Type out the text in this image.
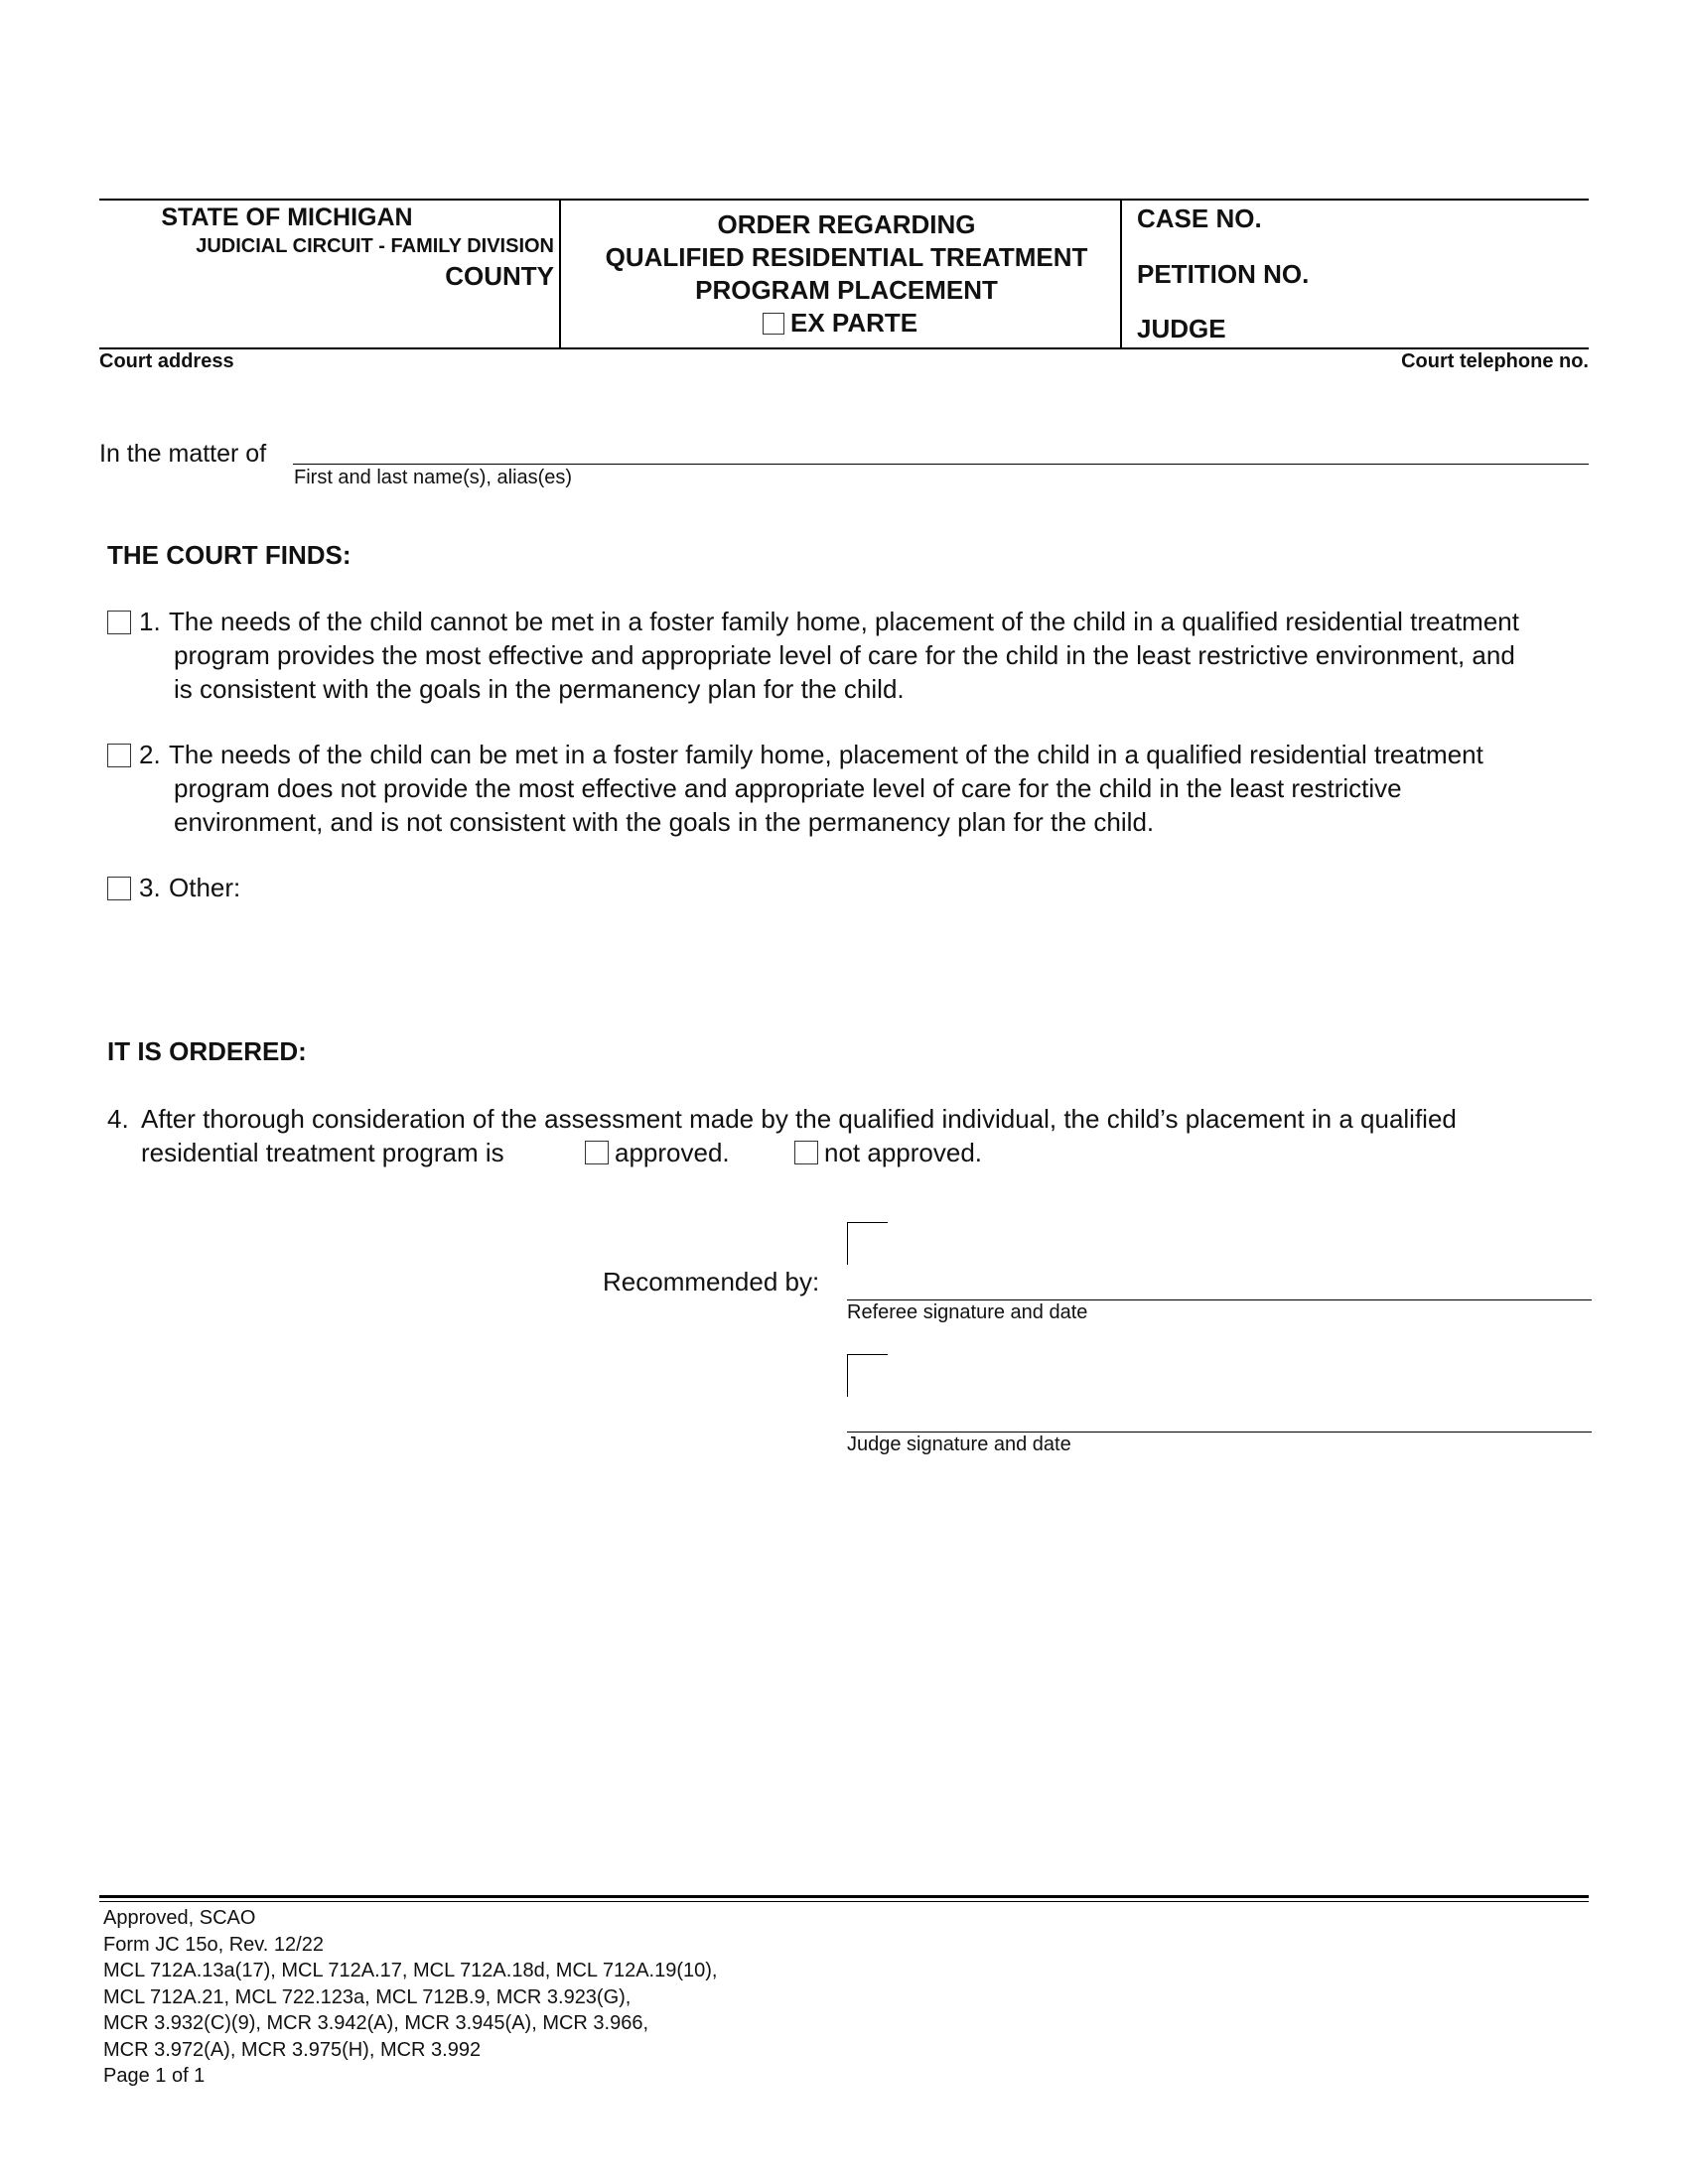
STATE OF MICHIGAN
JUDICIAL CIRCUIT - FAMILY DIVISION
COUNTY
ORDER REGARDING
QUALIFIED RESIDENTIAL TREATMENT
PROGRAM PLACEMENT
EX PARTE
CASE NO.
PETITION NO.
JUDGE
Court address	Court telephone no.
In the matter of
First and last name(s), alias(es)
THE COURT FINDS:
1. The needs of the child cannot be met in a foster family home, placement of the child in a qualified residential treatment
program provides the most effective and appropriate level of care for the child in the least restrictive environment, and
is consistent with the goals in the permanency plan for the child.
2. The needs of the child can be met in a foster family home, placement of the child in a qualified residential treatment
program does not provide the most effective and appropriate level of care for the child in the least restrictive
environment, and is not consistent with the goals in the permanency plan for the child.
3. Other:
IT IS ORDERED:
4. After thorough consideration of the assessment made by the qualified individual, the child’s placement in a qualified
residential treatment program is	approved.	not approved.
Recommended by:
Referee signature and date
Judge signature and date
Approved, SCAO
Form JC 15o, Rev. 12/22
MCL 712A.13a(17), MCL 712A.17, MCL 712A.18d, MCL 712A.19(10),
MCL 712A.21, MCL 722.123a, MCL 712B.9, MCR 3.923(G),
MCR 3.932(C)(9), MCR 3.942(A), MCR 3.945(A), MCR 3.966,
MCR 3.972(A), MCR 3.975(H), MCR 3.992
Page 1 of 1
